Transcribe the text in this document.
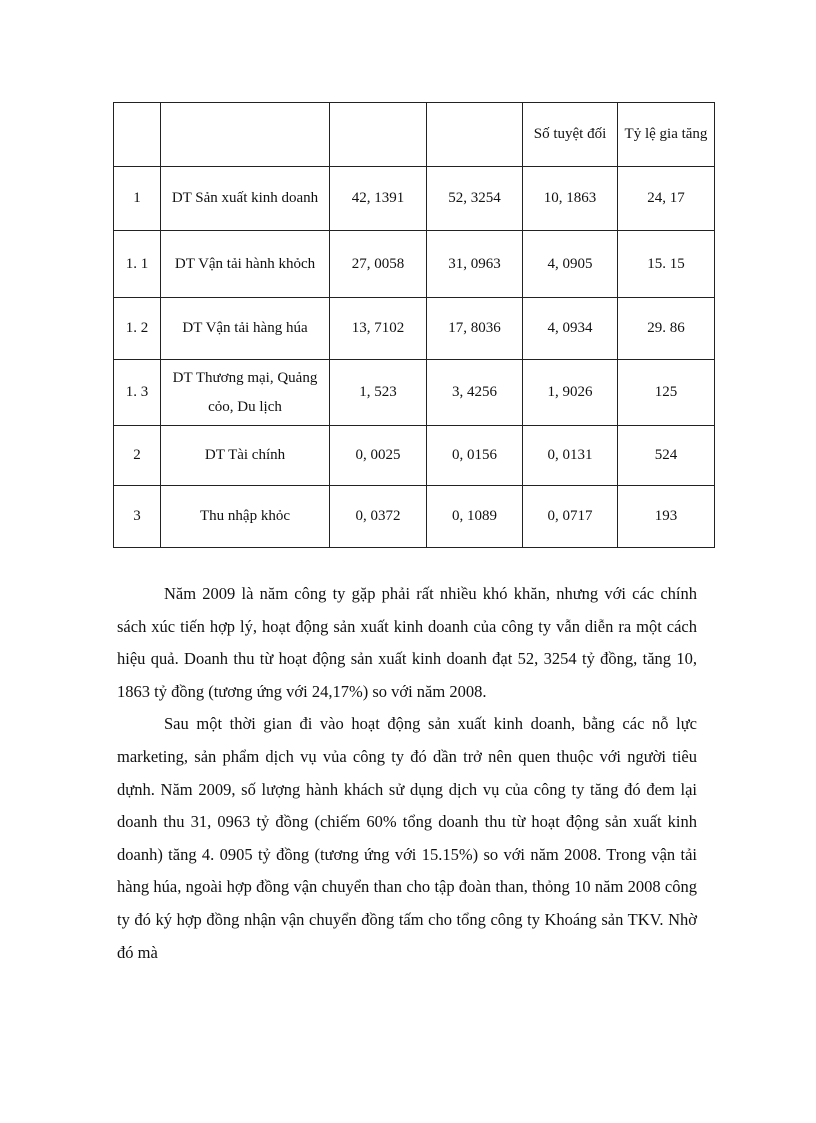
				Số tuyệt đối	Tỷ lệ gia tăng
1	DT Sản xuất kinh doanh	42, 1391	52, 3254	10, 1863	24, 17
1. 1	DT Vận tải hành khỏch	27, 0058	31, 0963	4, 0905	15. 15
1. 2	DT Vận tải hàng húa	13, 7102	17, 8036	4, 0934	29. 86
1. 3	DT Thương mại, Quảng cỏo, Du lịch	1, 523	3, 4256	1, 9026	125
2	DT Tài chính	0, 0025	0, 0156	0, 0131	524
3	Thu nhập khỏc	0, 0372	0, 1089	0, 0717	193

Năm 2009 là năm công ty gặp phải rất nhiều khó khăn, nhưng với các chính sách xúc tiến hợp lý, hoạt động sản xuất kinh doanh của công ty vẫn diễn ra một cách hiệu quả. Doanh thu từ hoạt động sản xuất kinh doanh đạt 52, 3254 tỷ đồng, tăng 10, 1863 tỷ đồng (tương ứng với 24,17%) so với năm 2008.

Sau một thời gian đi vào hoạt động sản xuất kinh doanh, bằng các nỗ lực marketing, sản phẩm dịch vụ vủa công ty đó dần trở nên quen thuộc với người tiêu dựnh. Năm 2009, số lượng hành khách sử dụng dịch vụ của công ty tăng đó đem lại doanh thu 31, 0963 tỷ đồng (chiếm 60% tổng doanh thu từ hoạt động sản xuất kinh doanh) tăng 4. 0905 tỷ đồng (tương ứng với 15.15%) so với năm 2008. Trong vận tải hàng húa, ngoài hợp đồng vận chuyển than cho tập đoàn than, thỏng 10 năm 2008 công ty đó ký hợp đồng nhận vận chuyển đồng tấm cho tổng công ty Khoáng sản TKV. Nhờ đó mà
